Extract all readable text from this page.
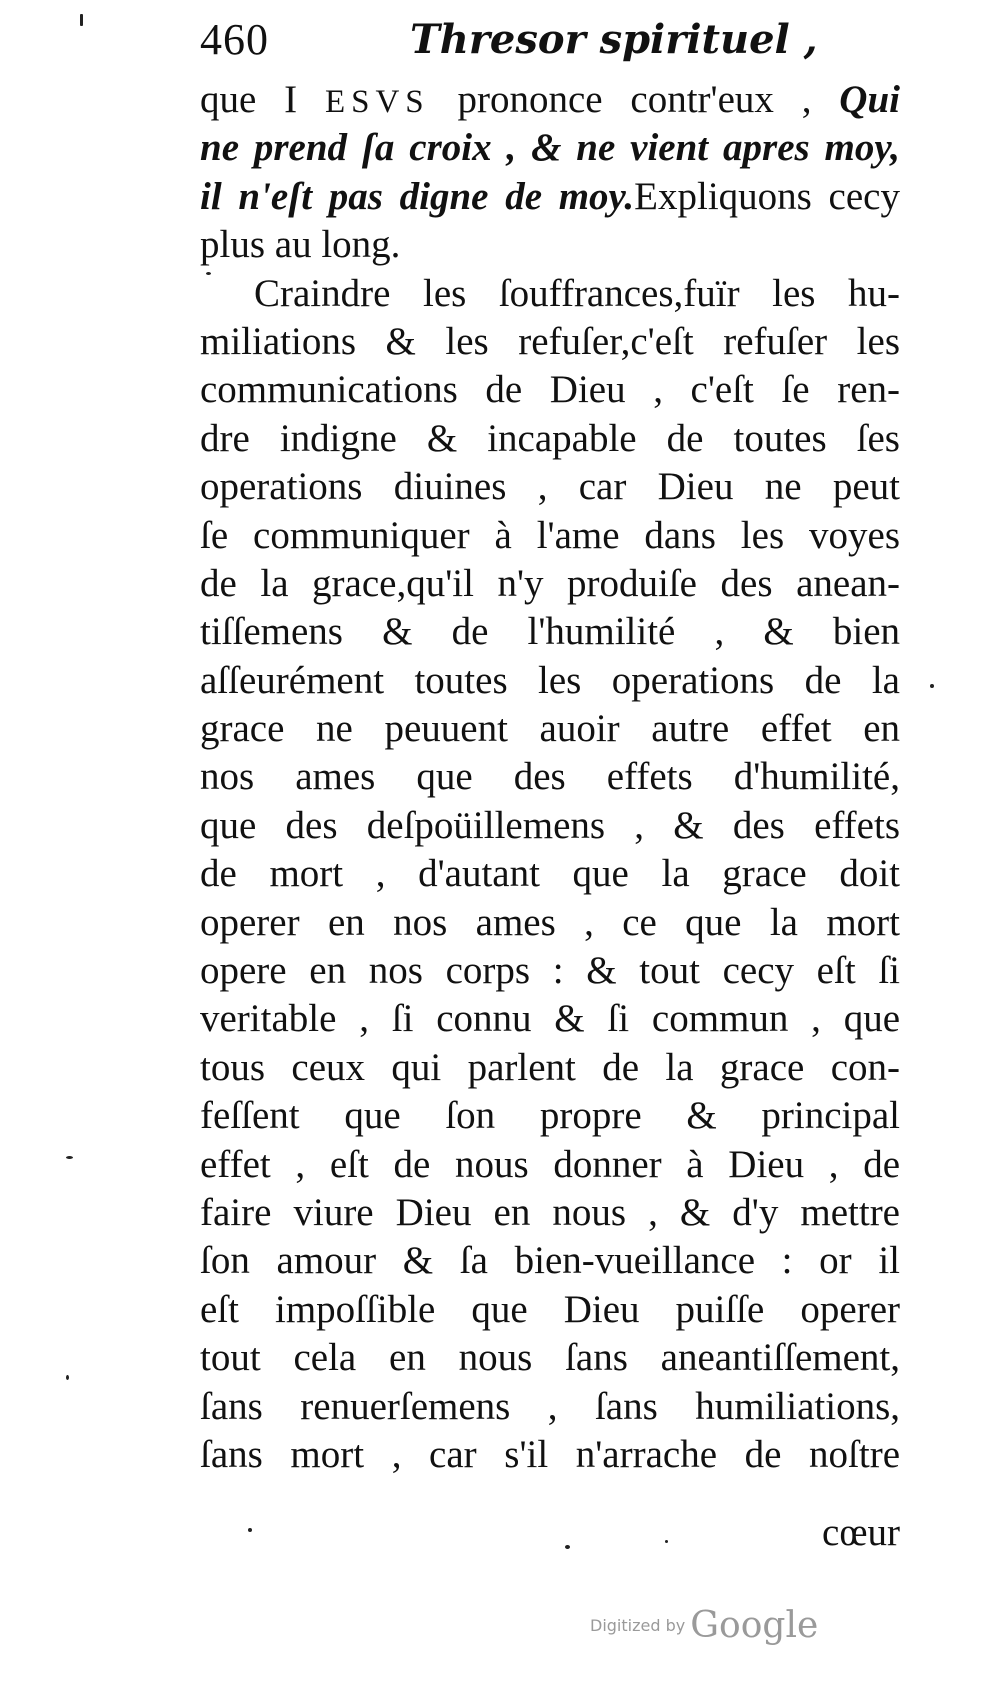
460	Thresor spirituel ,
que I ESVS prononce contr'eux , Qui
ne prend ſa croix , & ne vient apres moy,
il n'eſt pas digne de moy.Expliquons cecy
plus au long.
Craindre les ſouffrances,fuïr les hu-
miliations & les refuſer,c'eſt refuſer les
communications de Dieu , c'eſt ſe ren-
dre indigne & incapable de toutes ſes
operations diuines , car Dieu ne peut
ſe communiquer à l'ame dans les voyes
de la grace,qu'il n'y produiſe des anean-
tiſſemens & de l'humilité , & bien
aſſeurément toutes les operations de la
grace ne peuuent auoir autre effet en
nos ames que des effets d'humilité,
que des deſpoüillemens , & des effets
de mort , d'autant que la grace doit
operer en nos ames , ce que la mort
opere en nos corps : & tout cecy eſt ſi
veritable , ſi connu & ſi commun , que
tous ceux qui parlent de la grace con-
feſſent que ſon propre & principal
effet , eſt de nous donner à Dieu , de
faire viure Dieu en nous , & d'y mettre
ſon amour & ſa bien-vueillance : or il
eſt impoſſible que Dieu puiſſe operer
tout cela en nous ſans aneantiſſement,
ſans renuerſemens , ſans humiliations,
ſans mort , car s'il n'arrache de noſtre
cœur
Digitized by Google
